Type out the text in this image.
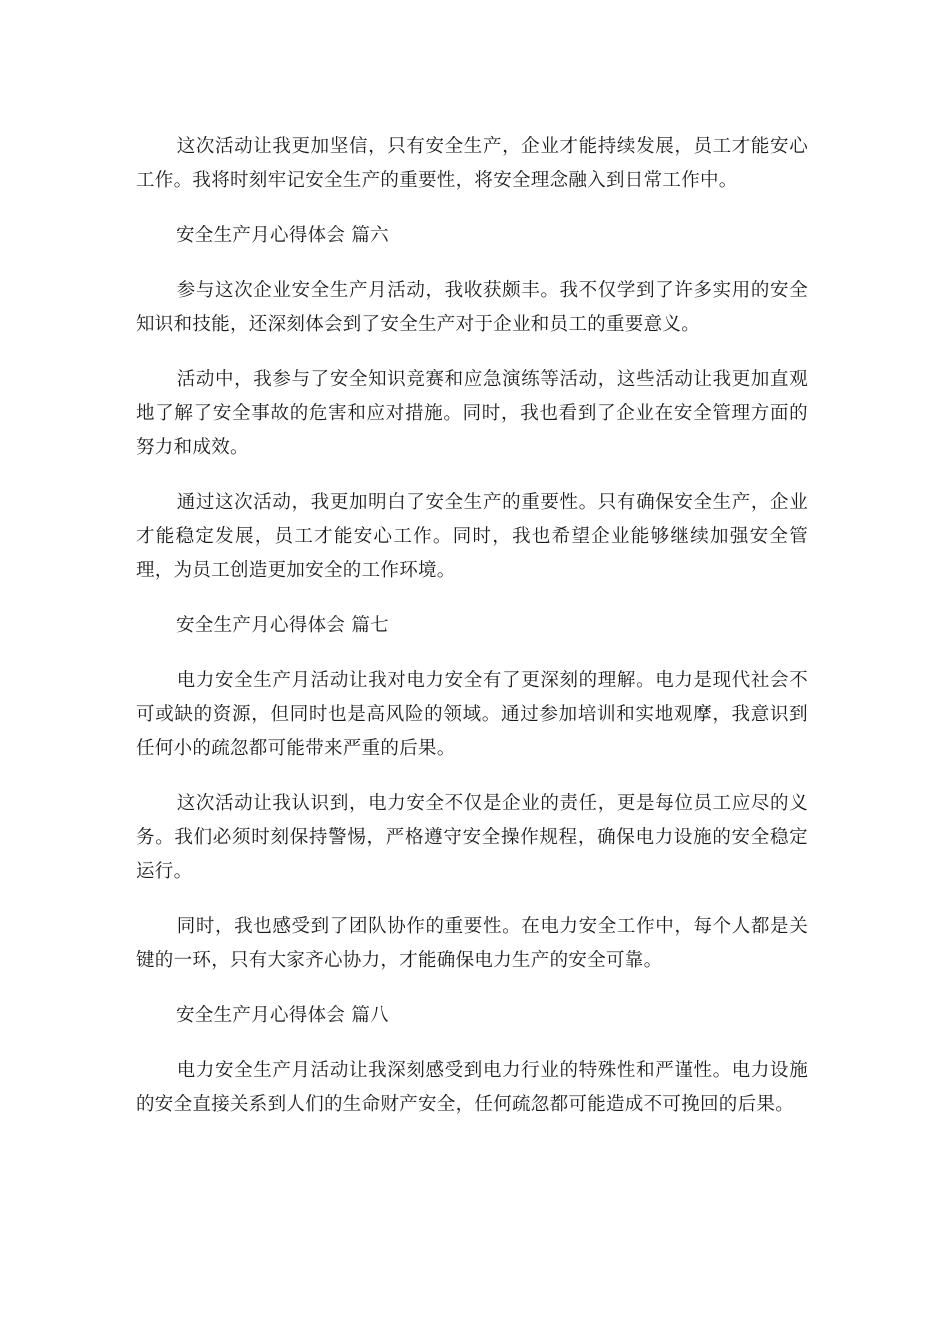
这次活动让我更加坚信，只有安全生产，企业才能持续发展，员工才能安心工作。我将时刻牢记安全生产的重要性，将安全理念融入到日常工作中。

安全生产月心得体会 篇六

参与这次企业安全生产月活动，我收获颇丰。我不仅学到了许多实用的安全知识和技能，还深刻体会到了安全生产对于企业和员工的重要意义。

活动中，我参与了安全知识竞赛和应急演练等活动，这些活动让我更加直观地了解了安全事故的危害和应对措施。同时，我也看到了企业在安全管理方面的努力和成效。

通过这次活动，我更加明白了安全生产的重要性。只有确保安全生产，企业才能稳定发展，员工才能安心工作。同时，我也希望企业能够继续加强安全管理，为员工创造更加安全的工作环境。

安全生产月心得体会 篇七

电力安全生产月活动让我对电力安全有了更深刻的理解。电力是现代社会不可或缺的资源，但同时也是高风险的领域。通过参加培训和实地观摩，我意识到任何小的疏忽都可能带来严重的后果。

这次活动让我认识到，电力安全不仅是企业的责任，更是每位员工应尽的义务。我们必须时刻保持警惕，严格遵守安全操作规程，确保电力设施的安全稳定运行。

同时，我也感受到了团队协作的重要性。在电力安全工作中，每个人都是关键的一环，只有大家齐心协力，才能确保电力生产的安全可靠。

安全生产月心得体会 篇八

电力安全生产月活动让我深刻感受到电力行业的特殊性和严谨性。电力设施的安全直接关系到人们的生命财产安全，任何疏忽都可能造成不可挽回的后果。
